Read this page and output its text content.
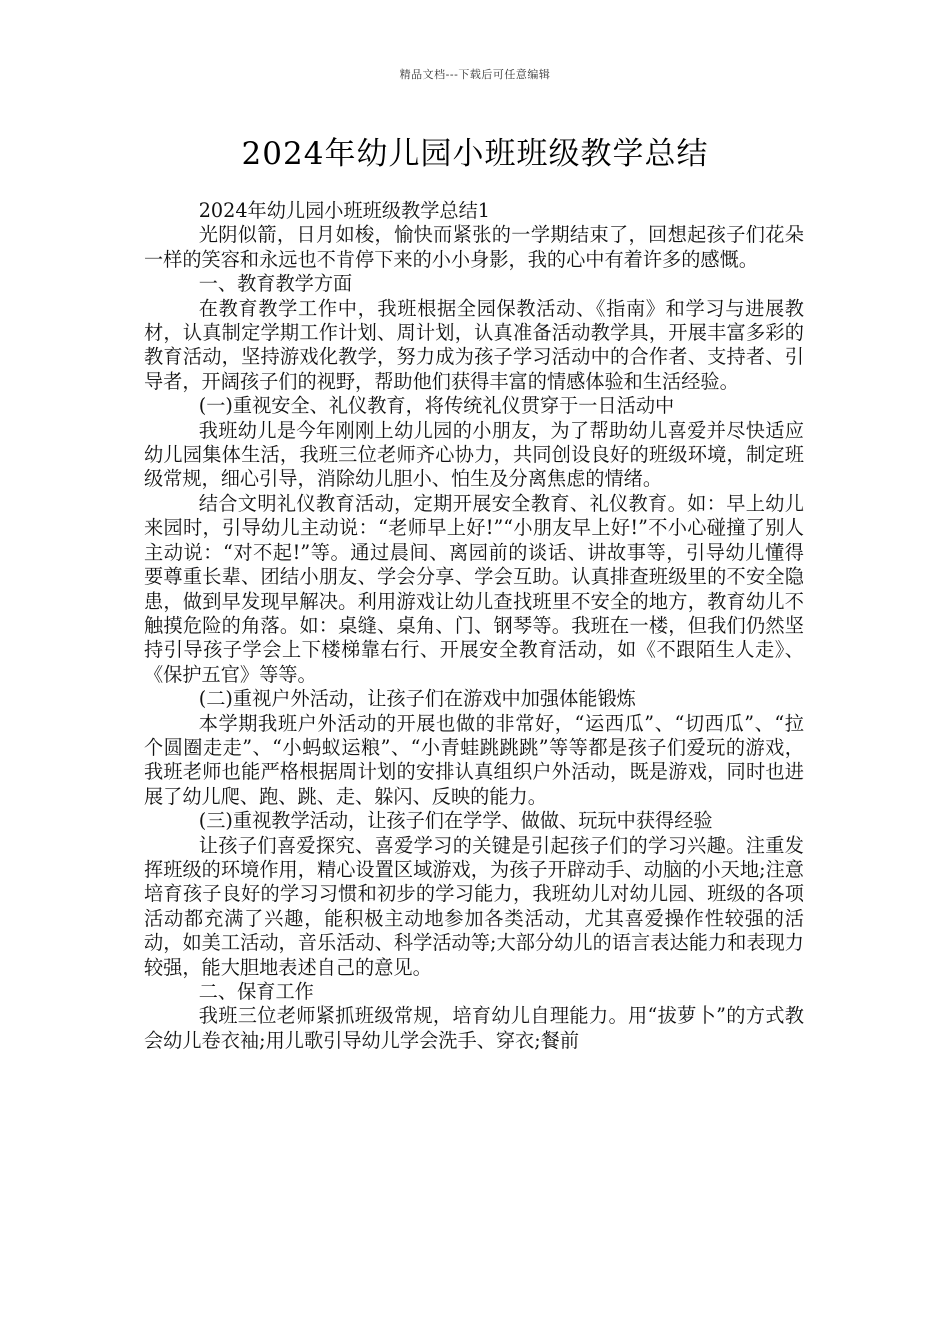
精品文档---下载后可任意编辑
2024年幼儿园小班班级教学总结

2024年幼儿园小班班级教学总结1

光阴似箭，日月如梭，愉快而紧张的一学期结束了，回想起孩子们花朵一样的笑容和永远也不肯停下来的小小身影，我的心中有着许多的感慨。

一、教育教学方面

在教育教学工作中，我班根据全园保教活动、《指南》和学习与进展教材，认真制定学期工作计划、周计划，认真准备活动教学具，开展丰富多彩的教育活动，坚持游戏化教学，努力成为孩子学习活动中的合作者、支持者、引导者，开阔孩子们的视野，帮助他们获得丰富的情感体验和生活经验。

(一)重视安全、礼仪教育，将传统礼仪贯穿于一日活动中

我班幼儿是今年刚刚上幼儿园的小朋友，为了帮助幼儿喜爱并尽快适应幼儿园集体生活，我班三位老师齐心协力，共同创设良好的班级环境，制定班级常规，细心引导，消除幼儿胆小、怕生及分离焦虑的情绪。

结合文明礼仪教育活动，定期开展安全教育、礼仪教育。如：早上幼儿来园时，引导幼儿主动说：“老师早上好!”“小朋友早上好!”不小心碰撞了别人主动说：“对不起!”等。通过晨间、离园前的谈话、讲故事等，引导幼儿懂得要尊重长辈、团结小朋友、学会分享、学会互助。认真排查班级里的不安全隐患，做到早发现早解决。利用游戏让幼儿查找班里不安全的地方，教育幼儿不触摸危险的角落。如：桌缝、桌角、门、钢琴等。我班在一楼，但我们仍然坚持引导孩子学会上下楼梯靠右行、开展安全教育活动，如《不跟陌生人走》、《保护五官》等等。

(二)重视户外活动，让孩子们在游戏中加强体能锻炼

本学期我班户外活动的开展也做的非常好，“运西瓜”、“切西瓜”、“拉个圆圈走走”、“小蚂蚁运粮”、“小青蛙跳跳跳”等等都是孩子们爱玩的游戏，我班老师也能严格根据周计划的安排认真组织户外活动，既是游戏，同时也进展了幼儿爬、跑、跳、走、躲闪、反映的能力。

(三)重视教学活动，让孩子们在学学、做做、玩玩中获得经验

让孩子们喜爱探究、喜爱学习的关键是引起孩子们的学习兴趣。注重发挥班级的环境作用，精心设置区域游戏，为孩子开辟动手、动脑的小天地;注意培育孩子良好的学习习惯和初步的学习能力，我班幼儿对幼儿园、班级的各项活动都充满了兴趣，能积极主动地参加各类活动，尤其喜爱操作性较强的活动，如美工活动，音乐活动、科学活动等;大部分幼儿的语言表达能力和表现力较强，能大胆地表述自己的意见。

二、保育工作

我班三位老师紧抓班级常规，培育幼儿自理能力。用“拔萝卜”的方式教会幼儿卷衣袖;用儿歌引导幼儿学会洗手、穿衣;餐前
